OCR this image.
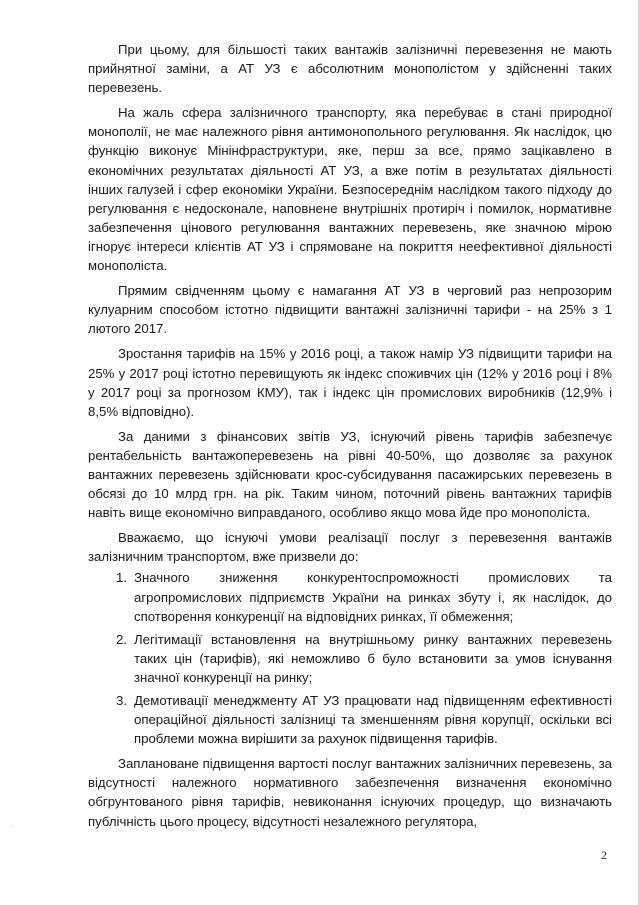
При цьому, для більшості таких вантажів залізничні перевезення не мають прийнятної заміни, а АТ УЗ є абсолютним монополістом у здійсненні таких перевезень.

На жаль сфера залізничного транспорту, яка перебуває в стані природної монополії, не має належного рівня антимонопольного регулювання. Як наслідок, цю функцію виконує Мінінфраструктури, яке, перш за все, прямо зацікавлено в економічних результатах діяльності АТ УЗ, а вже потім в результатах діяльності інших галузей і сфер економіки України. Безпосереднім наслідком такого підходу до регулювання є недосконале, наповнене внутрішніх протиріч і помилок, нормативне забезпечення цінового регулювання вантажних перевезень, яке значною мірою ігнорує інтереси клієнтів АТ УЗ і спрямоване на покриття неефективної діяльності монополіста.

Прямим свідченням цьому є намагання АТ УЗ в черговий раз непрозорим кулуарним способом істотно підвищити вантажні залізничні тарифи - на 25% з 1 лютого 2017.

Зростання тарифів на 15% у 2016 році, а також намір УЗ підвищити тарифи на 25% у 2017 році істотно перевищують як індекс споживчих цін (12% у 2016 році і 8% у 2017 році за прогнозом КМУ), так і індекс цін промислових виробників (12,9% і 8,5% відповідно).

За даними з фінансових звітів УЗ, існуючий рівень тарифів забезпечує рентабельність вантажоперевезень на рівні 40-50%, що дозволяє за рахунок вантажних перевезень здійснювати крос-субсидування пасажирських перевезень в обсязі до 10 млрд грн. на рік. Таким чином, поточний рівень вантажних тарифів навіть вище економічно виправданого, особливо якщо мова йде про монополіста.

Вважаємо, що існуючі умови реалізації послуг з перевезення вантажів залізничним транспортом, вже призвели до:

1. Значного зниження конкурентоспроможності промислових та агропромислових підприємств України на ринках збуту і, як наслідок, до спотворення конкуренції на відповідних ринках, її обмеження;
2. Легітимації встановлення на внутрішньому ринку вантажних перевезень таких цін (тарифів), які неможливо б було встановити за умов існування значної конкуренції на ринку;
3. Демотивації менеджменту АТ УЗ працювати над підвищенням ефективності операційної діяльності залізниці та зменшенням рівня корупції, оскільки всі проблеми можна вирішити за рахунок підвищення тарифів.

Заплановане підвищення вартості послуг вантажних залізничних перевезень, за відсутності належного нормативного забезпечення визначення економічно обгрунтованого рівня тарифів, невиконання існуючих процедур, що визначають публічність цього процесу, відсутності незалежного регулятора,

2
·
